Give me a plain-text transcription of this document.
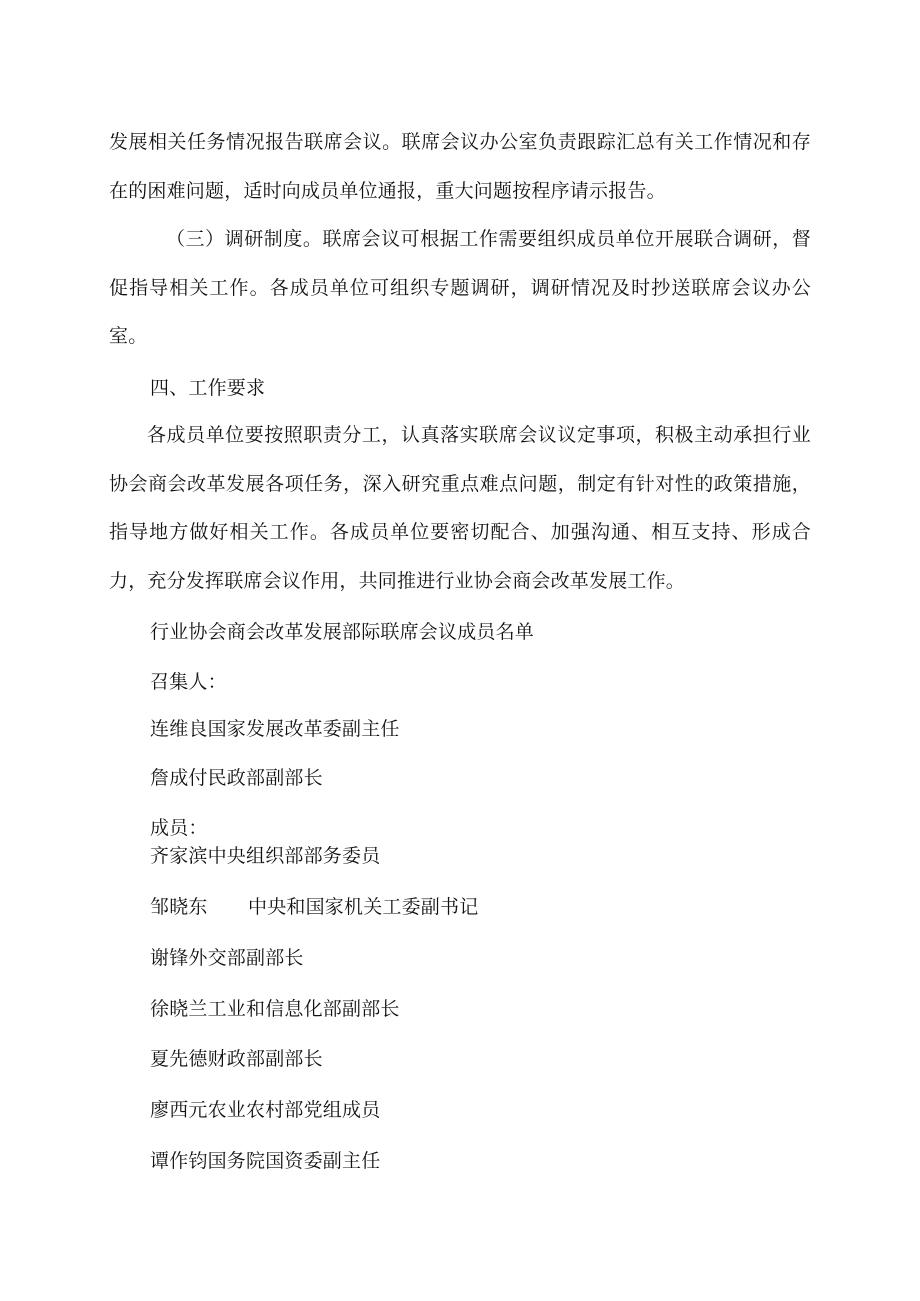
发展相关任务情况报告联席会议。联席会议办公室负责跟踪汇总有关工作情况和存在的困难问题，适时向成员单位通报，重大问题按程序请示报告。

（三）调研制度。联席会议可根据工作需要组织成员单位开展联合调研，督促指导相关工作。各成员单位可组织专题调研，调研情况及时抄送联席会议办公室。

四、工作要求

各成员单位要按照职责分工，认真落实联席会议议定事项，积极主动承担行业协会商会改革发展各项任务，深入研究重点难点问题，制定有针对性的政策措施，指导地方做好相关工作。各成员单位要密切配合、加强沟通、相互支持、形成合力，充分发挥联席会议作用，共同推进行业协会商会改革发展工作。

行业协会商会改革发展部际联席会议成员名单

召集人：

连维良国家发展改革委副主任

詹成付民政部副部长

成员：

齐家滨中央组织部部务委员

邹晓东 中央和国家机关工委副书记

谢锋外交部副部长

徐晓兰工业和信息化部副部长

夏先德财政部副部长

廖西元农业农村部党组成员

谭作钧国务院国资委副主任
